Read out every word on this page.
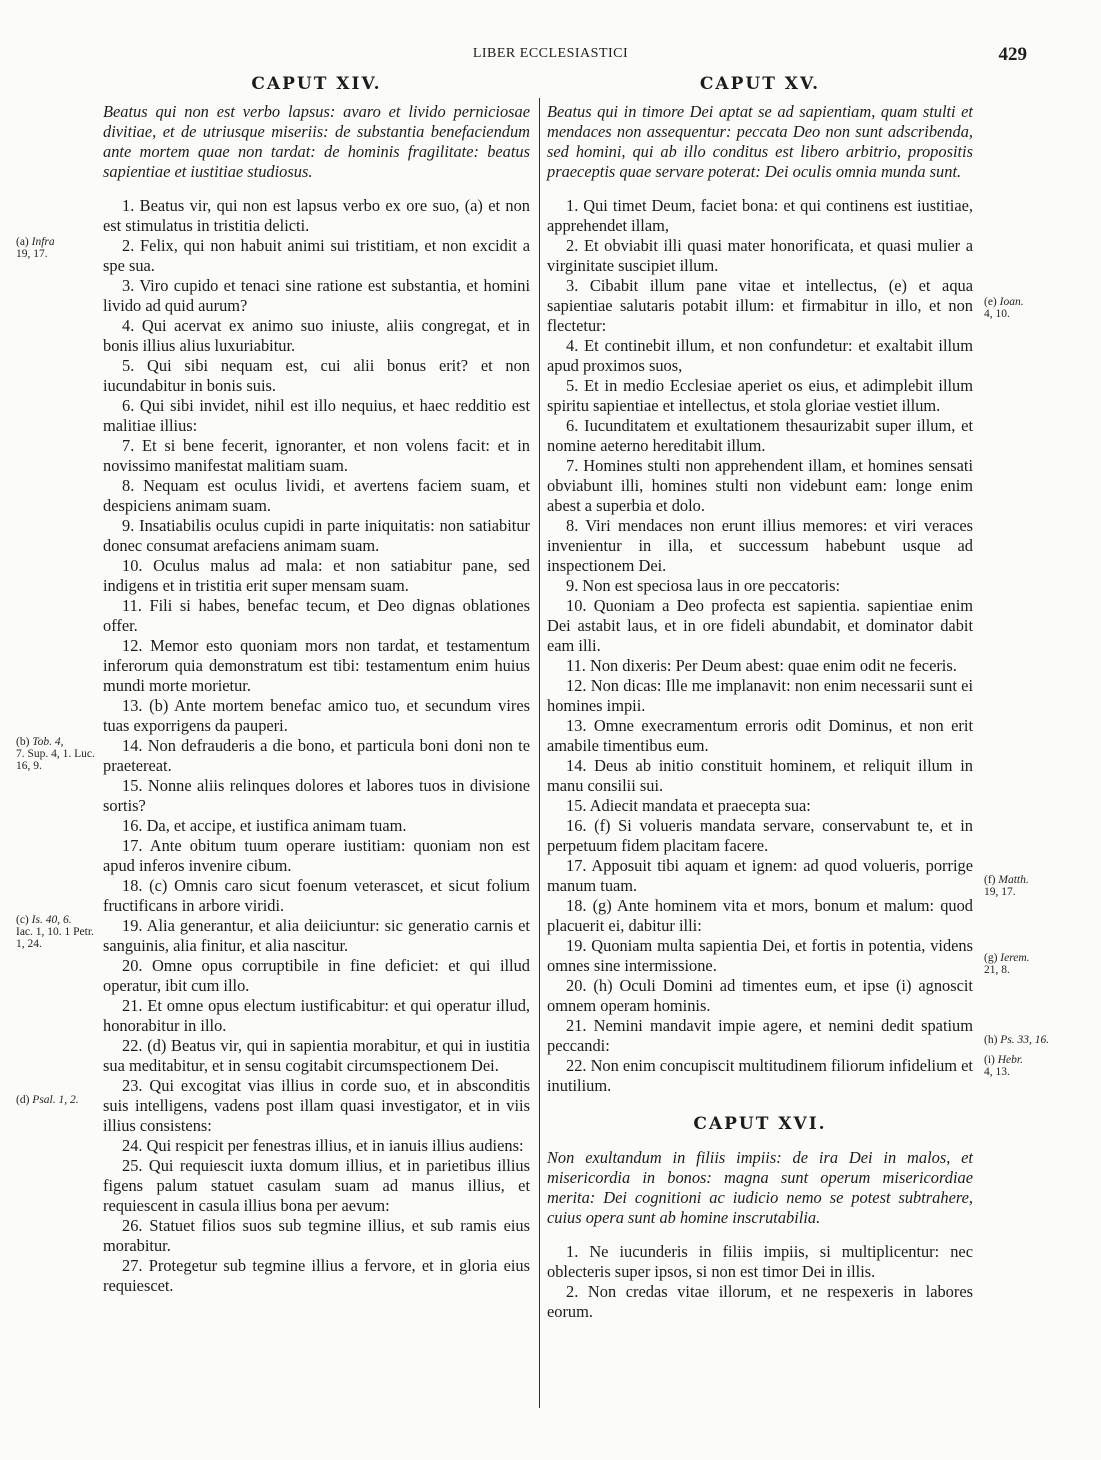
LIBER ECCLESIASTICI	429
CAPUT XIV.

Beatus qui non est verbo lapsus: avaro et livido perniciosae divitiae, et de utriusque miseriis: de substantia benefaciendum ante mortem quae non tardat: de hominis fragilitate: beatus sapientiae et iustitiae studiosus.

1. Beatus vir, qui non est lapsus verbo ex ore suo, (a) et non est stimulatus in tristitia delicti.

2. Felix, qui non habuit animi sui tristitiam, et non excidit a spe sua.

3. Viro cupido et tenaci sine ratione est substantia, et homini livido ad quid aurum?

4. Qui acervat ex animo suo iniuste, aliis congregat, et in bonis illius alius luxuriabitur.

5. Qui sibi nequam est, cui alii bonus erit? et non iucundabitur in bonis suis.

6. Qui sibi invidet, nihil est illo nequius, et haec redditio est malitiae illius:

7. Et si bene fecerit, ignoranter, et non volens facit: et in novissimo manifestat malitiam suam.

8. Nequam est oculus lividi, et avertens faciem suam, et despiciens animam suam.

9. Insatiabilis oculus cupidi in parte iniquitatis: non satiabitur donec consumat arefaciens animam suam.

10. Oculus malus ad mala: et non satiabitur pane, sed indigens et in tristitia erit super mensam suam.

11. Fili si habes, benefac tecum, et Deo dignas oblationes offer.

12. Memor esto quoniam mors non tardat, et testamentum inferorum quia demonstratum est tibi: testamentum enim huius mundi morte morietur.

13. (b) Ante mortem benefac amico tuo, et secundum vires tuas exporrigens da pauperi.

14. Non defrauderis a die bono, et particula boni doni non te praetereat.

15. Nonne aliis relinques dolores et labores tuos in divisione sortis?

16. Da, et accipe, et iustifica animam tuam.

17. Ante obitum tuum operare iustitiam: quoniam non est apud inferos invenire cibum.

18. (c) Omnis caro sicut foenum veterascet, et sicut folium fructificans in arbore viridi.

19. Alia generantur, et alia deiiciuntur: sic generatio carnis et sanguinis, alia finitur, et alia nascitur.

20. Omne opus corruptibile in fine deficiet: et qui illud operatur, ibit cum illo.

21. Et omne opus electum iustificabitur: et qui operatur illud, honorabitur in illo.

22. (d) Beatus vir, qui in sapientia morabitur, et qui in iustitia sua meditabitur, et in sensu cogitabit circumspectionem Dei.

23. Qui excogitat vias illius in corde suo, et in absconditis suis intelligens, vadens post illam quasi investigator, et in viis illius consistens:

24. Qui respicit per fenestras illius, et in ianuis illius audiens:

25. Qui requiescit iuxta domum illius, et in parietibus illius figens palum statuet casulam suam ad manus illius, et requiescent in casula illius bona per aevum:

26. Statuet filios suos sub tegmine illius, et sub ramis eius morabitur.

27. Protegetur sub tegmine illius a fervore, et in gloria eius requiescet.

(a) Infra
19, 17.
(b) Tob. 4,
7. Sup. 4, 1. Luc. 16, 9.
(c) Is. 40, 6.
Iac. 1, 10. 1 Petr. 1, 24.
(d) Psal. 1, 2.
CAPUT XV.

Beatus qui in timore Dei aptat se ad sapientiam, quam stulti et mendaces non assequentur: peccata Deo non sunt adscribenda, sed homini, qui ab illo conditus est libero arbitrio, propositis praeceptis quae servare poterat: Dei oculis omnia munda sunt.

1. Qui timet Deum, faciet bona: et qui continens est iustitiae, apprehendet illam,

2. Et obviabit illi quasi mater honorificata, et quasi mulier a virginitate suscipiet illum.

3. Cibabit illum pane vitae et intellectus, (e) et aqua sapientiae salutaris potabit illum: et firmabitur in illo, et non flectetur:

4. Et continebit illum, et non confundetur: et exaltabit illum apud proximos suos,

5. Et in medio Ecclesiae aperiet os eius, et adimplebit illum spiritu sapientiae et intellectus, et stola gloriae vestiet illum.

6. Iucunditatem et exultationem thesaurizabit super illum, et nomine aeterno hereditabit illum.

7. Homines stulti non apprehendent illam, et homines sensati obviabunt illi, homines stulti non videbunt eam: longe enim abest a superbia et dolo.

8. Viri mendaces non erunt illius memores: et viri veraces invenientur in illa, et successum habebunt usque ad inspectionem Dei.

9. Non est speciosa laus in ore peccatoris:

10. Quoniam a Deo profecta est sapientia. sapientiae enim Dei astabit laus, et in ore fideli abundabit, et dominator dabit eam illi.

11. Non dixeris: Per Deum abest: quae enim odit ne feceris.

12. Non dicas: Ille me implanavit: non enim necessarii sunt ei homines impii.

13. Omne execramentum erroris odit Dominus, et non erit amabile timentibus eum.

14. Deus ab initio constituit hominem, et reliquit illum in manu consilii sui.

15. Adiecit mandata et praecepta sua:

16. (f) Si volueris mandata servare, conservabunt te, et in perpetuum fidem placitam facere.

17. Apposuit tibi aquam et ignem: ad quod volueris, porrige manum tuam.

18. (g) Ante hominem vita et mors, bonum et malum: quod placuerit ei, dabitur illi:

19. Quoniam multa sapientia Dei, et fortis in potentia, videns omnes sine intermissione.

20. (h) Oculi Domini ad timentes eum, et ipse (i) agnoscit omnem operam hominis.

21. Nemini mandavit impie agere, et nemini dedit spatium peccandi:

22. Non enim concupiscit multitudinem filiorum infidelium et inutilium.

CAPUT XVI.

Non exultandum in filiis impiis: de ira Dei in malos, et misericordia in bonos: magna sunt operum misericordiae merita: Dei cognitioni ac iudicio nemo se potest subtrahere, cuius opera sunt ab homine inscrutabilia.

1. Ne iucunderis in filiis impiis, si multiplicentur: nec oblecteris super ipsos, si non est timor Dei in illis.

2. Non credas vitae illorum, et ne respexeris in labores eorum.

(e) Ioan.
4, 10.
(f) Matth.
19, 17.
(g) Ierem.
21, 8.
(h) Ps. 33, 16.
(i) Hebr.
4, 13.
